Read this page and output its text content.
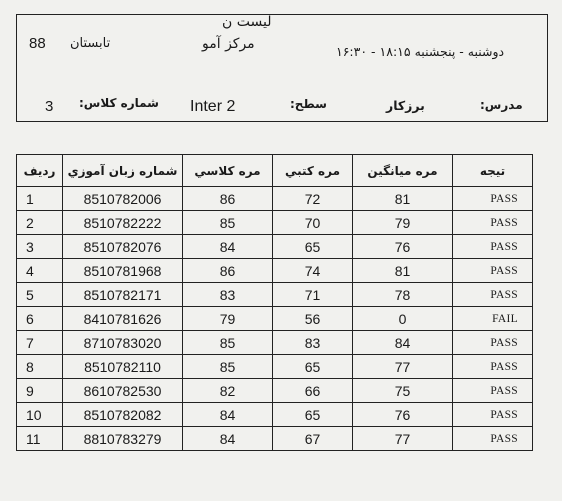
لیست ن
مرکز آمو
88 تابستان
دوشنبه - پنجشنبه ۱۸:۱۵ - ۱۶:۳۰
3 شماره کلاس: Inter 2	سطح:	برزکار	مدرس:
ردیف	شماره زبان آموزي	مره كلاسي	مره كتبي	مره ميانگين	تيجه
1	8510782006	86	72	81	PASS
2	8510782222	85	70	79	PASS
3	8510782076	84	65	76	PASS
4	8510781968	86	74	81	PASS
5	8510782171	83	71	78	PASS
6	8410781626	79	56	0	FAIL
7	8710783020	85	83	84	PASS
8	8510782110	85	65	77	PASS
9	8610782530	82	66	75	PASS
10	8510782082	84	65	76	PASS
11	8810783279	84	67	77	PASS
